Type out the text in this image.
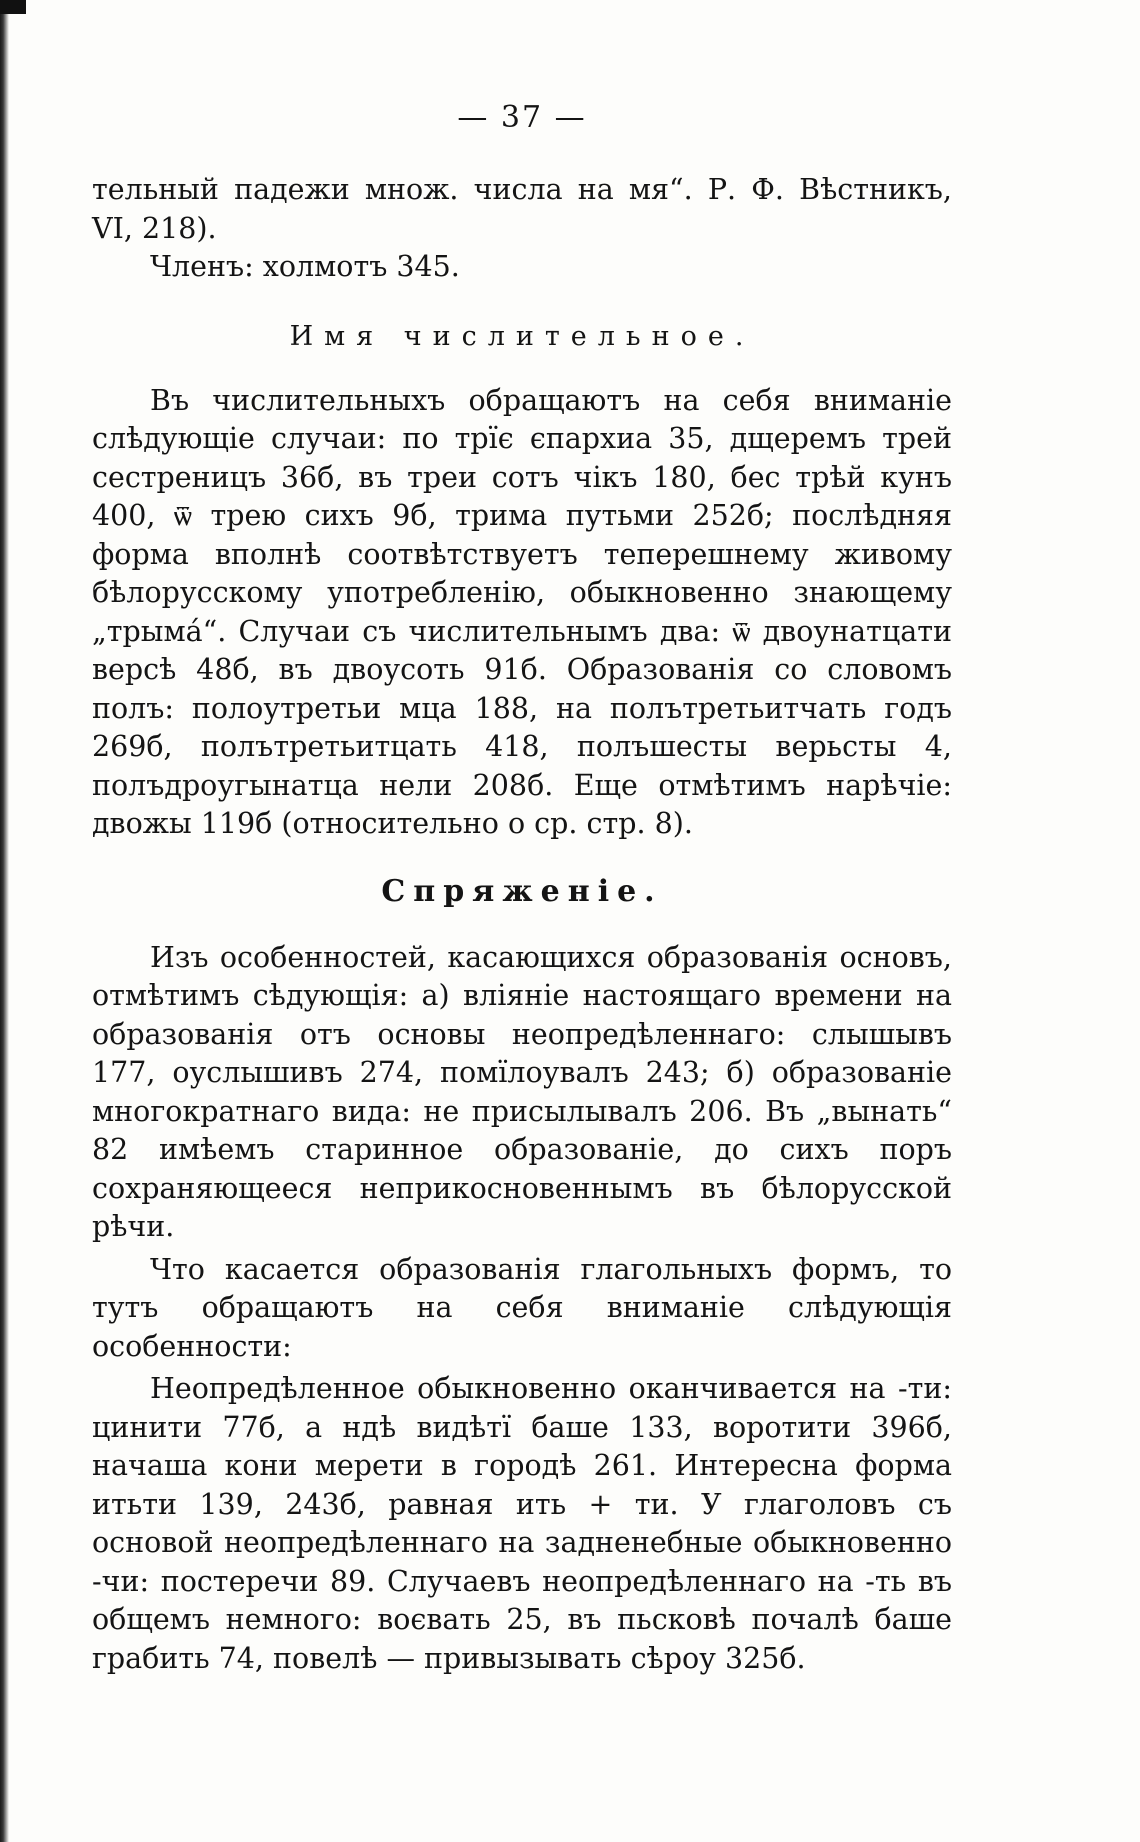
— 37 —

тельный падежи множ. числа на мя“. Р. Ф. Вѣстникъ, VI, 218).

Членъ: холмотъ 345.

Имя числительное.

Въ числительныхъ обращаютъ на себя вниманіе слѣдующіе случаи: по трїє єпархиа 35, дщеремъ трей сестреницъ 36б, въ треи сотъ чікъ 180, бес трѣй кунъ 400, ѿ трею сихъ 9б, трима путьми 252б; послѣдняя форма вполнѣ соотвѣтствуетъ теперешнему живому бѣлорусскому употребленію, обыкновенно знающему „трымá“. Случаи съ числительнымъ два: ѿ двоунатцати версѣ 48б, въ двоусоть 91б. Образованія со словомъ полъ: полоутретьи мца 188, на полътретьитчать годъ 269б, полътретьитцать 418, полъшесты верьсты 4, полъдроугынатца нели 208б. Еще отмѣтимъ нарѣчіе: двожы 119б (относительно о ср. стр. 8).

Спряженіе.

Изъ особенностей, касающихся образованія основъ, отмѣтимъ сѣдующія: а) вліяніе настоящаго времени на образованія отъ основы неопредѣленнаго: слышывъ 177, оуслышивъ 274, помїлоувалъ 243; б) образованіе многократнаго вида: не присылывалъ 206. Въ „вынать“ 82 имѣемъ старинное образованіе, до сихъ поръ сохраняющееся неприкосновеннымъ въ бѣлорусской рѣчи.

Что касается образованія глагольныхъ формъ, то тутъ обращаютъ на себя вниманіе слѣдующія особенности:

Неопредѣленное обыкновенно оканчивается на -ти: цинити 77б, а ндѣ видѣтї баше 133, воротити 396б, начаша кони мерети в городѣ 261. Интересна форма итьти 139, 243б, равная ить + ти. У глаголовъ съ основой неопредѣленнаго на задненебные обыкновенно -чи: постеречи 89. Случаевъ неопредѣленнаго на -ть въ общемъ немного: воєвать 25, въ пьсковѣ почалѣ баше грабить 74, повелѣ — привызывать сѣроу 325б.
